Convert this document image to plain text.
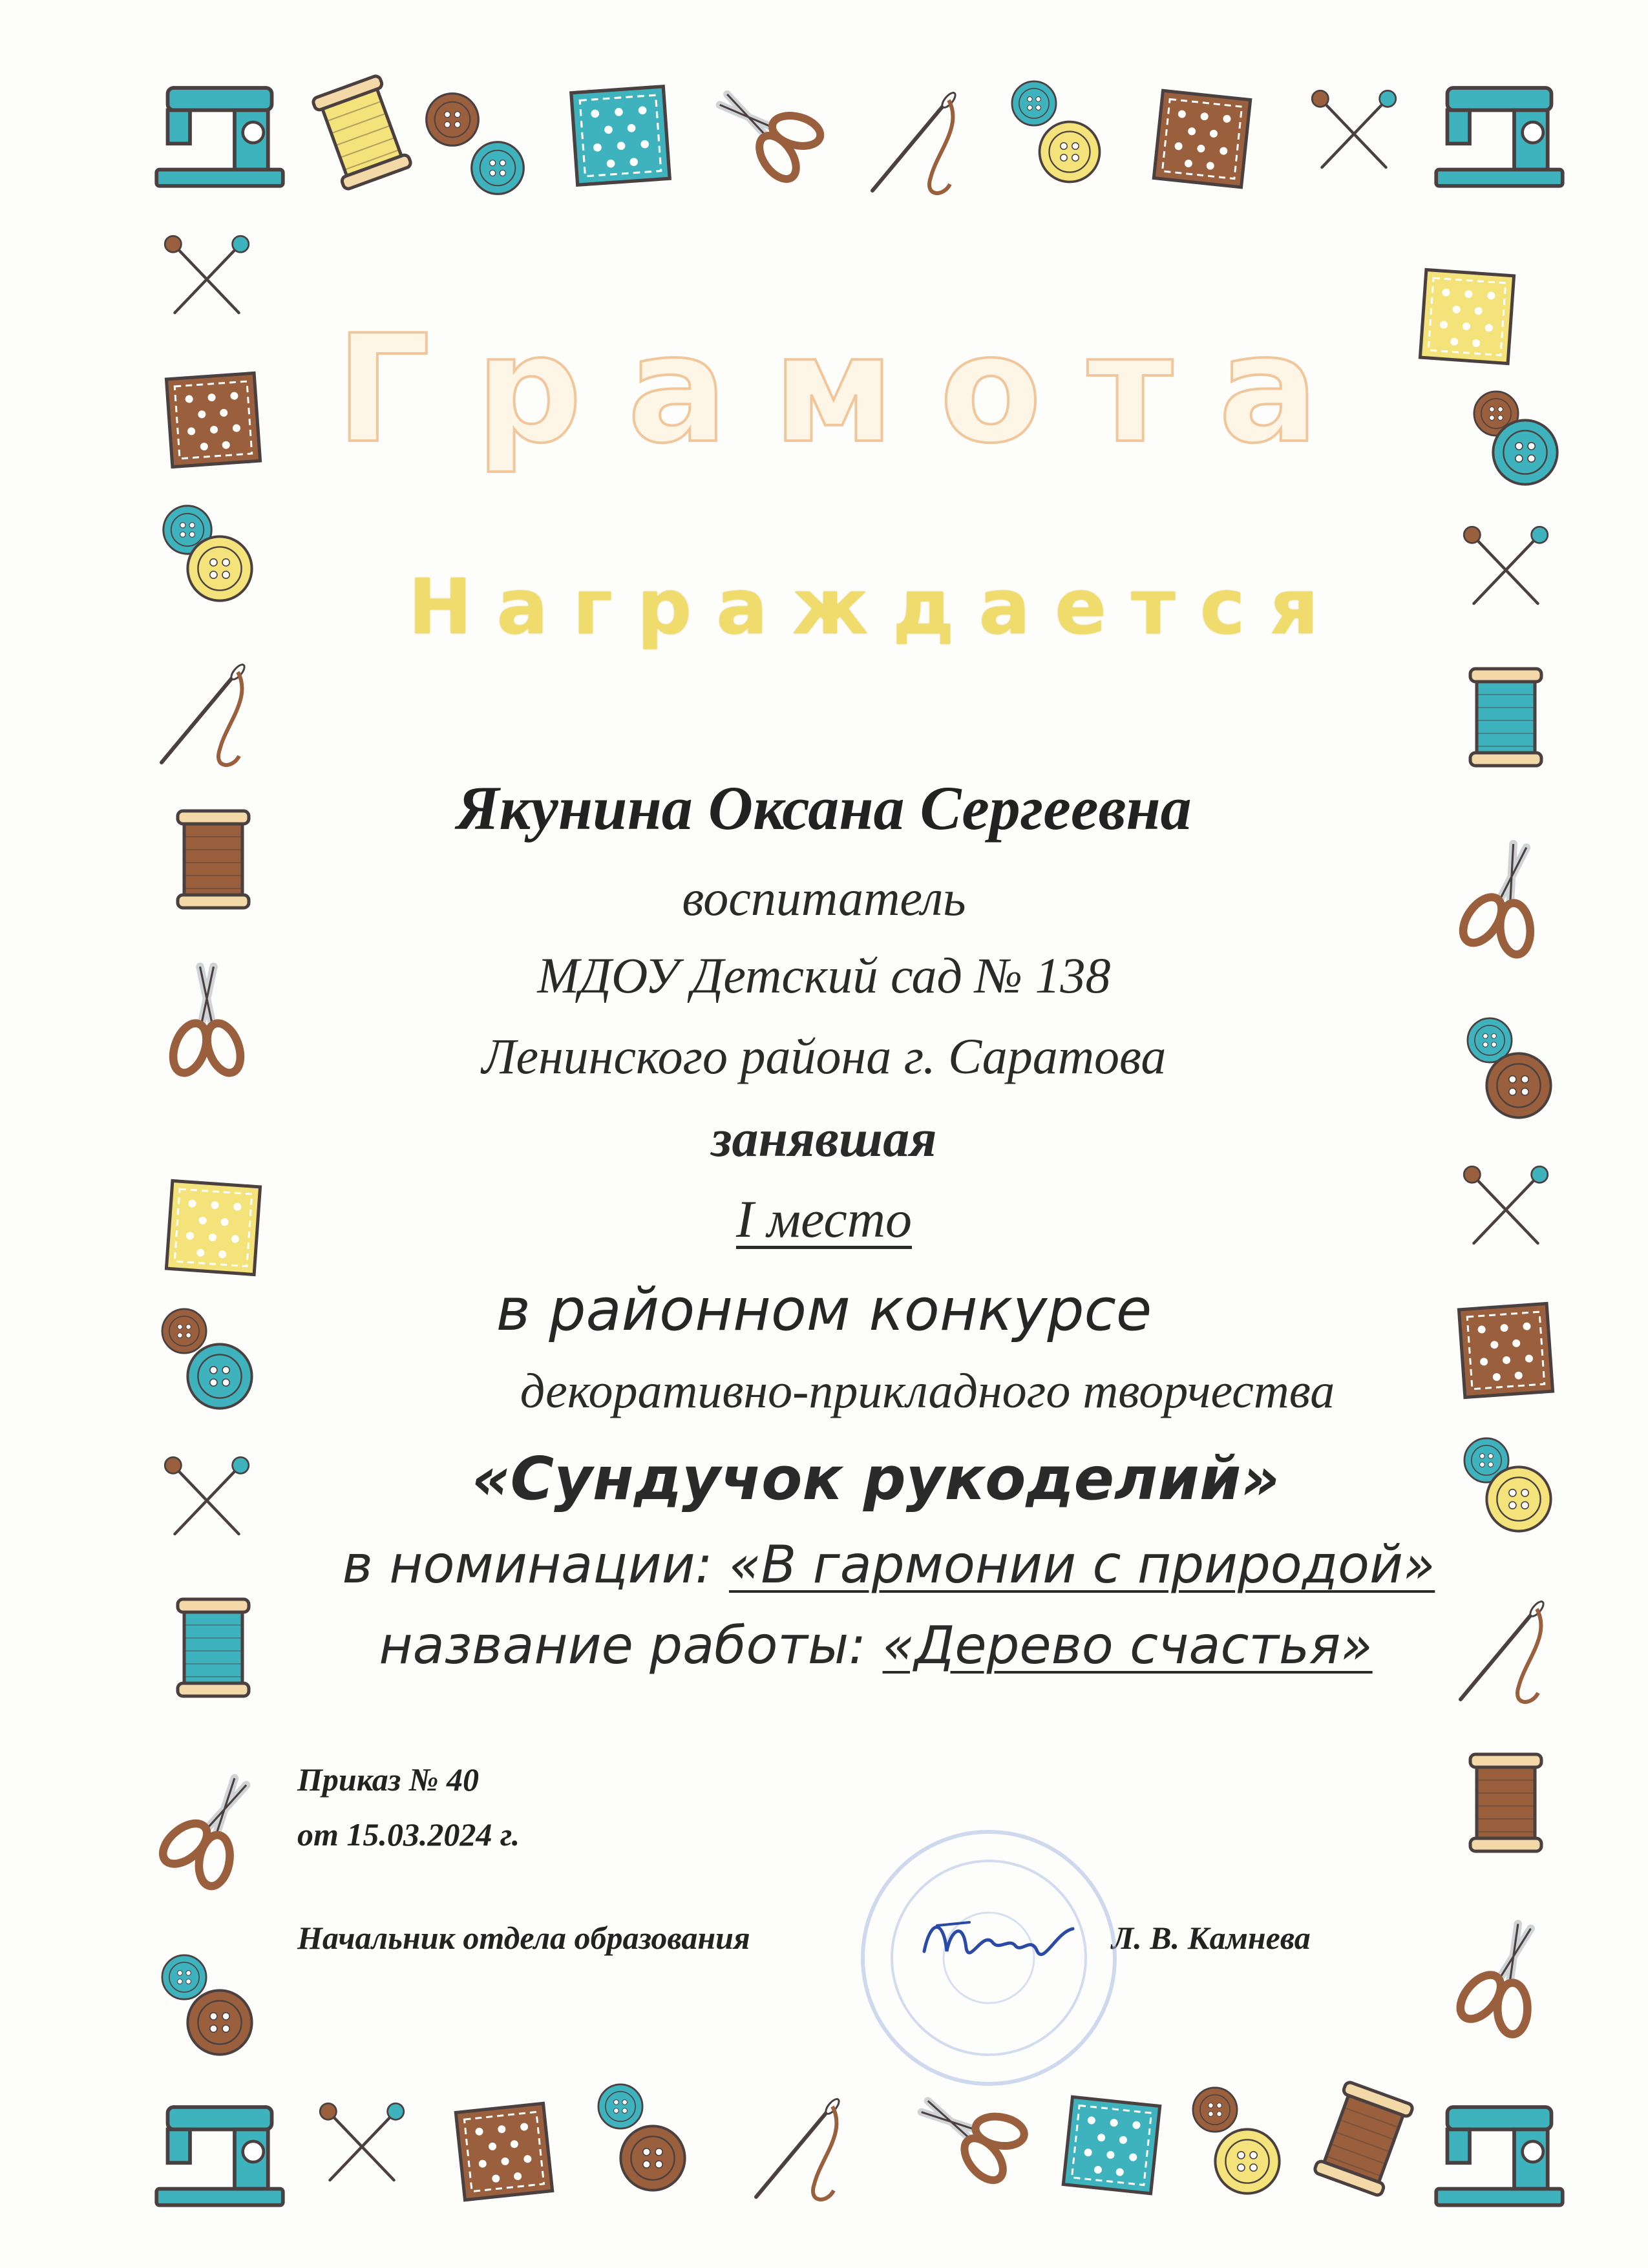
Грамота
Награждается
Якунина Оксана Сергеевна
воспитатель
МДОУ Детский сад № 138
Ленинского района г. Саратова
занявшая
I место
в районном конкурсе
декоративно-прикладного творчества
«Сундучок рукоделий»
в номинации: «В гармонии с природой»
название работы: «Дерево счастья»
Приказ № 40
от 15.03.2024 г.
Начальник отдела образования	Л. В. Камнева
